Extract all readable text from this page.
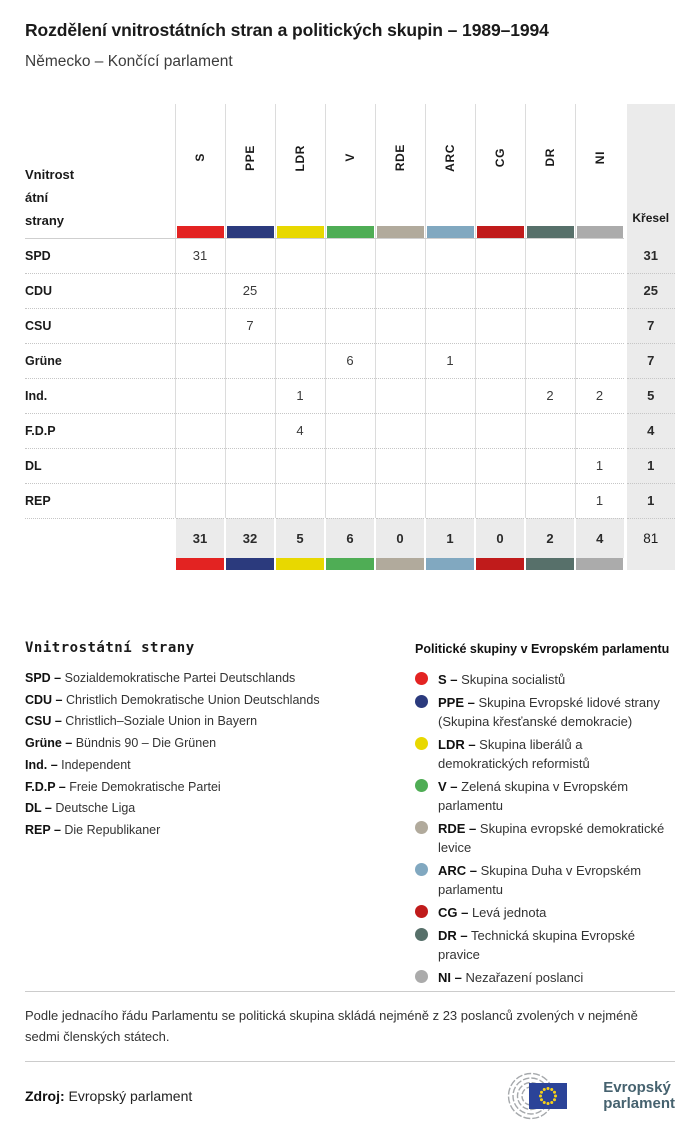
Rozdělení vnitrostátních stran a politických skupin – 1989–1994
Německo – Končící parlament
Vnitrost
átní
strany	S	PPE	LDR	V	RDE	ARC	CG	DR	NI	Křesel

SPD	31									31
CDU		25								25
CSU		7								7
Grüne				6		1				7
Ind.			1					2	2	5
F.D.P			4							4
DL									1	1
REP									1	1
	31	32	5	6	0	1	0	2	4	81

Vnitrostátní strany
SPD – Sozialdemokratische Partei Deutschlands
CDU – Christlich Demokratische Union Deutschlands
CSU – Christlich–Soziale Union in Bayern
Grüne – Bündnis 90 – Die Grünen
Ind. – Independent
F.D.P – Freie Demokratische Partei
DL – Deutsche Liga
REP – Die Republikaner
Politické skupiny v Evropském parlamentu
S – Skupina socialistů
PPE – Skupina Evropské lidové strany (Skupina křesťanské demokracie)
LDR – Skupina liberálů a demokratických reformistů
V – Zelená skupina v Evropském parlamentu
RDE – Skupina evropské demokratické levice
ARC – Skupina Duha v Evropském parlamentu
CG – Levá jednota
DR – Technická skupina Evropské pravice
NI – Nezařazení poslanci

Podle jednacího řádu Parlamentu se politická skupina skládá nejméně z 23 poslanců zvolených v nejméně sedmi členských státech.

Zdroj: Evropský parlament	Evropský
parlament
